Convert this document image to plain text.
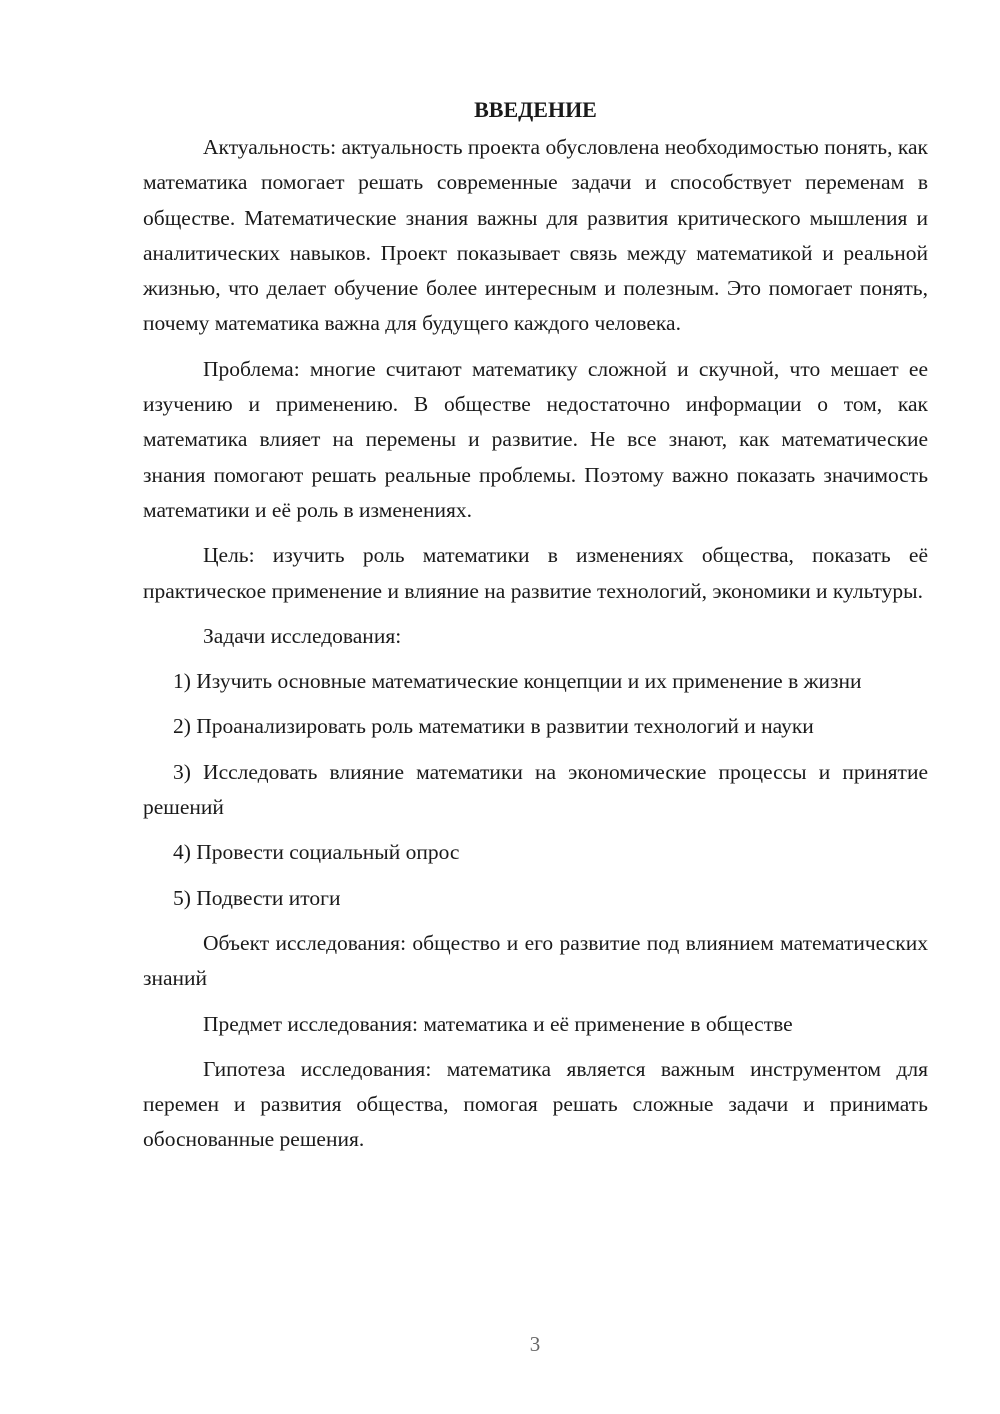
ВВЕДЕНИЕ

Актуальность: актуальность проекта обусловлена необходимостью понять, как математика помогает решать современные задачи и способствует переменам в обществе. Математические знания важны для развития критического мышления и аналитических навыков. Проект показывает связь между математикой и реальной жизнью, что делает обучение более интересным и полезным. Это помогает понять, почему математика важна для будущего каждого человека.

Проблема: многие считают математику сложной и скучной, что мешает ее изучению и применению. В обществе недостаточно информации о том, как математика влияет на перемены и развитие. Не все знают, как математические знания помогают решать реальные проблемы. Поэтому важно показать значимость математики и её роль в изменениях.

Цель: изучить роль математики в изменениях общества, показать её практическое применение и влияние на развитие технологий, экономики и культуры.

Задачи исследования:

1) Изучить основные математические концепции и их применение в жизни

2) Проанализировать роль математики в развитии технологий и науки

3) Исследовать влияние математики на экономические процессы и принятие решений

4) Провести социальный опрос

5) Подвести итоги

Объект исследования: общество и его развитие под влиянием математических знаний

Предмет исследования: математика и её применение в обществе

Гипотеза исследования: математика является важным инструментом для перемен и развития общества, помогая решать сложные задачи и принимать обоснованные решения.

3
